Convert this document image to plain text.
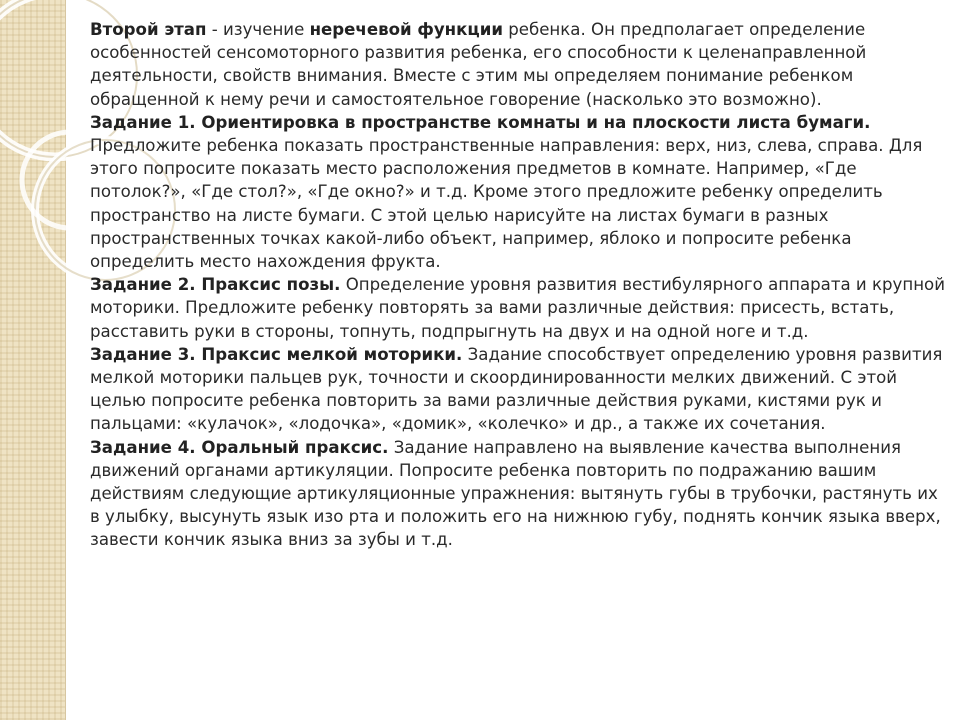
Второй этап - изучение неречевой функции ребенка. Он предполагает определение особенностей сенсомоторного развития ребенка, его способности к целенаправленной деятельности, свойств внимания. Вместе с этим мы определяем понимание ребенком обращенной к нему речи и самостоятельное говорение (насколько это возможно).

Задание 1. Ориентировка в пространстве комнаты и на плоскости листа бумаги. Предложите ребенка показать пространственные направления: верх, низ, слева, справа. Для этого попросите показать место расположения предметов в комнате. Например, «Где потолок?», «Где стол?», «Где окно?» и т.д. Кроме этого предложите ребенку определить пространство на листе бумаги. С этой целью нарисуйте на листах бумаги в разных пространственных точках какой-либо объект, например, яблоко и попросите ребенка определить место нахождения фрукта.

Задание 2. Праксис позы. Определение уровня развития вестибулярного аппарата и крупной моторики. Предложите ребенку повторять за вами различные действия: присесть, встать, расставить руки в стороны, топнуть, подпрыгнуть на двух и на одной ноге и т.д.

Задание 3. Праксис мелкой моторики. Задание способствует определению уровня развития мелкой моторики пальцев рук, точности и скоординированности мелких движений. С этой целью попросите ребенка повторить за вами различные действия руками, кистями рук и пальцами: «кулачок», «лодочка», «домик», «колечко» и др., а также их сочетания.

Задание 4. Оральный праксис. Задание направлено на выявление качества выполнения движений органами артикуляции. Попросите ребенка повторить по подражанию вашим действиям следующие артикуляционные упражнения: вытянуть губы в трубочки, растянуть их в улыбку, высунуть язык изо рта и положить его на нижнюю губу, поднять кончик языка вверх, завести кончик языка вниз за зубы и т.д.
